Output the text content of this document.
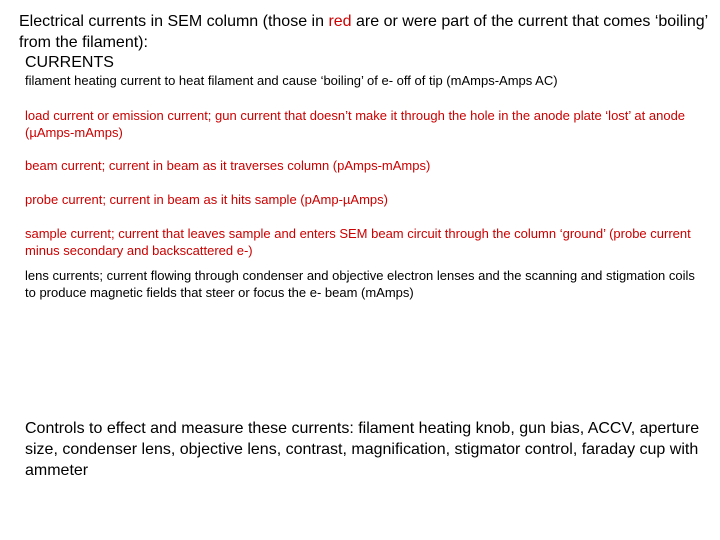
Electrical currents in SEM column (those in red are or were part of the current that comes ‘boiling’ from the filament):
CURRENTS
filament heating current to heat filament and cause ‘boiling’ of e- off of tip (mAmps-Amps AC)
load current or emission current; gun current that doesn’t make it through the hole in the anode plate ‘lost’ at anode (µAmps-mAmps)
beam current; current in beam as it traverses column (pAmps-mAmps)
probe current; current in beam as it hits sample (pAmp-µAmps)
sample current; current that leaves sample and enters SEM beam circuit through the column ‘ground’ (probe current minus secondary and backscattered e-)
lens currents; current flowing through condenser and objective electron lenses and the scanning and stigmation coils to produce magnetic fields that steer or focus the e- beam (mAmps)
Controls to effect and measure these currents: filament heating knob, gun bias, ACCV, aperture size, condenser lens, objective lens, contrast, magnification, stigmator control, faraday cup with ammeter
